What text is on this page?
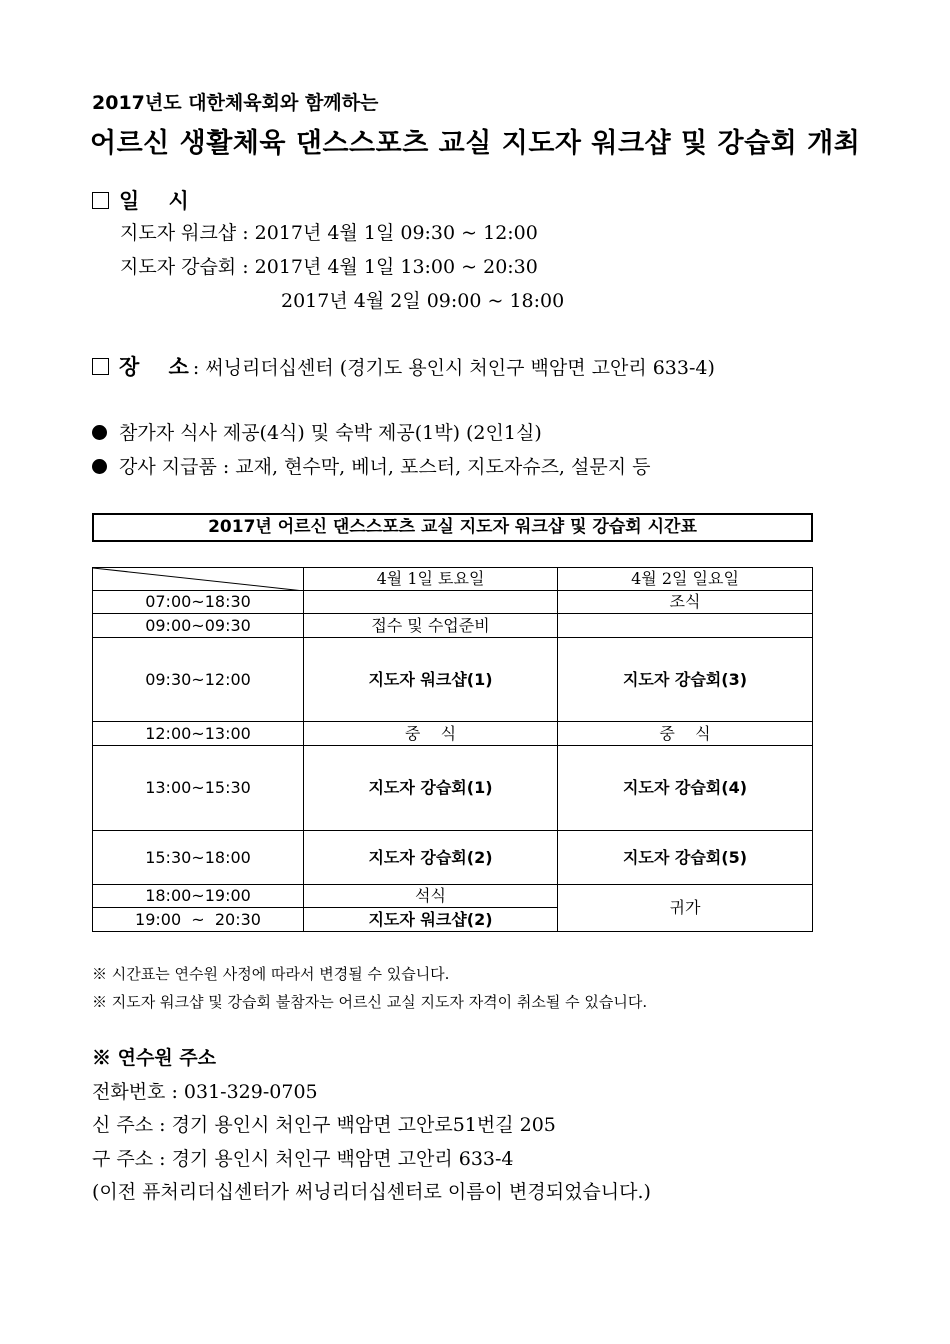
2017년도 대한체육회와 함께하는
어르신 생활체육 댄스스포츠 교실 지도자 워크샵 및 강습회 개최
일    시
지도자 워크샵 : 2017년 4월 1일 09:30 ~ 12:00
지도자 강습회 : 2017년 4월 1일 13:00 ~ 20:30
2017년 4월 2일 09:00 ~ 18:00
장    소 : 써닝리더십센터 (경기도 용인시 처인구 백암면 고안리 633-4)
참가자 식사 제공(4식) 및 숙박 제공(1박) (2인1실)
강사 지급품 : 교재, 현수막, 베너, 포스터, 지도자슈즈, 설문지 등
2017년 어르신 댄스스포츠 교실 지도자 워크샵 및 강습회 시간표
	4월 1일 토요일	4월 2일 일요일
07:00~18:30		조식
09:00~09:30	접수 및 수업준비	
09:30~12:00	지도자 워크샵(1)	지도자 강습회(3)
12:00~13:00	중    식	중    식
13:00~15:30	지도자 강습회(1)	지도자 강습회(4)
15:30~18:00	지도자 강습회(2)	지도자 강습회(5)
18:00~19:00	석식	귀가
19:00  ~  20:30	지도자 워크샵(2)	
※ 시간표는 연수원 사정에 따라서 변경될 수 있습니다.
※ 지도자 워크샵 및 강습회 불참자는 어르신 교실 지도자 자격이 취소될 수 있습니다.
※ 연수원 주소
전화번호 : 031-329-0705
신 주소 : 경기 용인시 처인구 백암면 고안로51번길 205
구 주소 : 경기 용인시 처인구 백암면 고안리 633-4
(이전 퓨처리더십센터가 써닝리더십센터로 이름이 변경되었습니다.)
